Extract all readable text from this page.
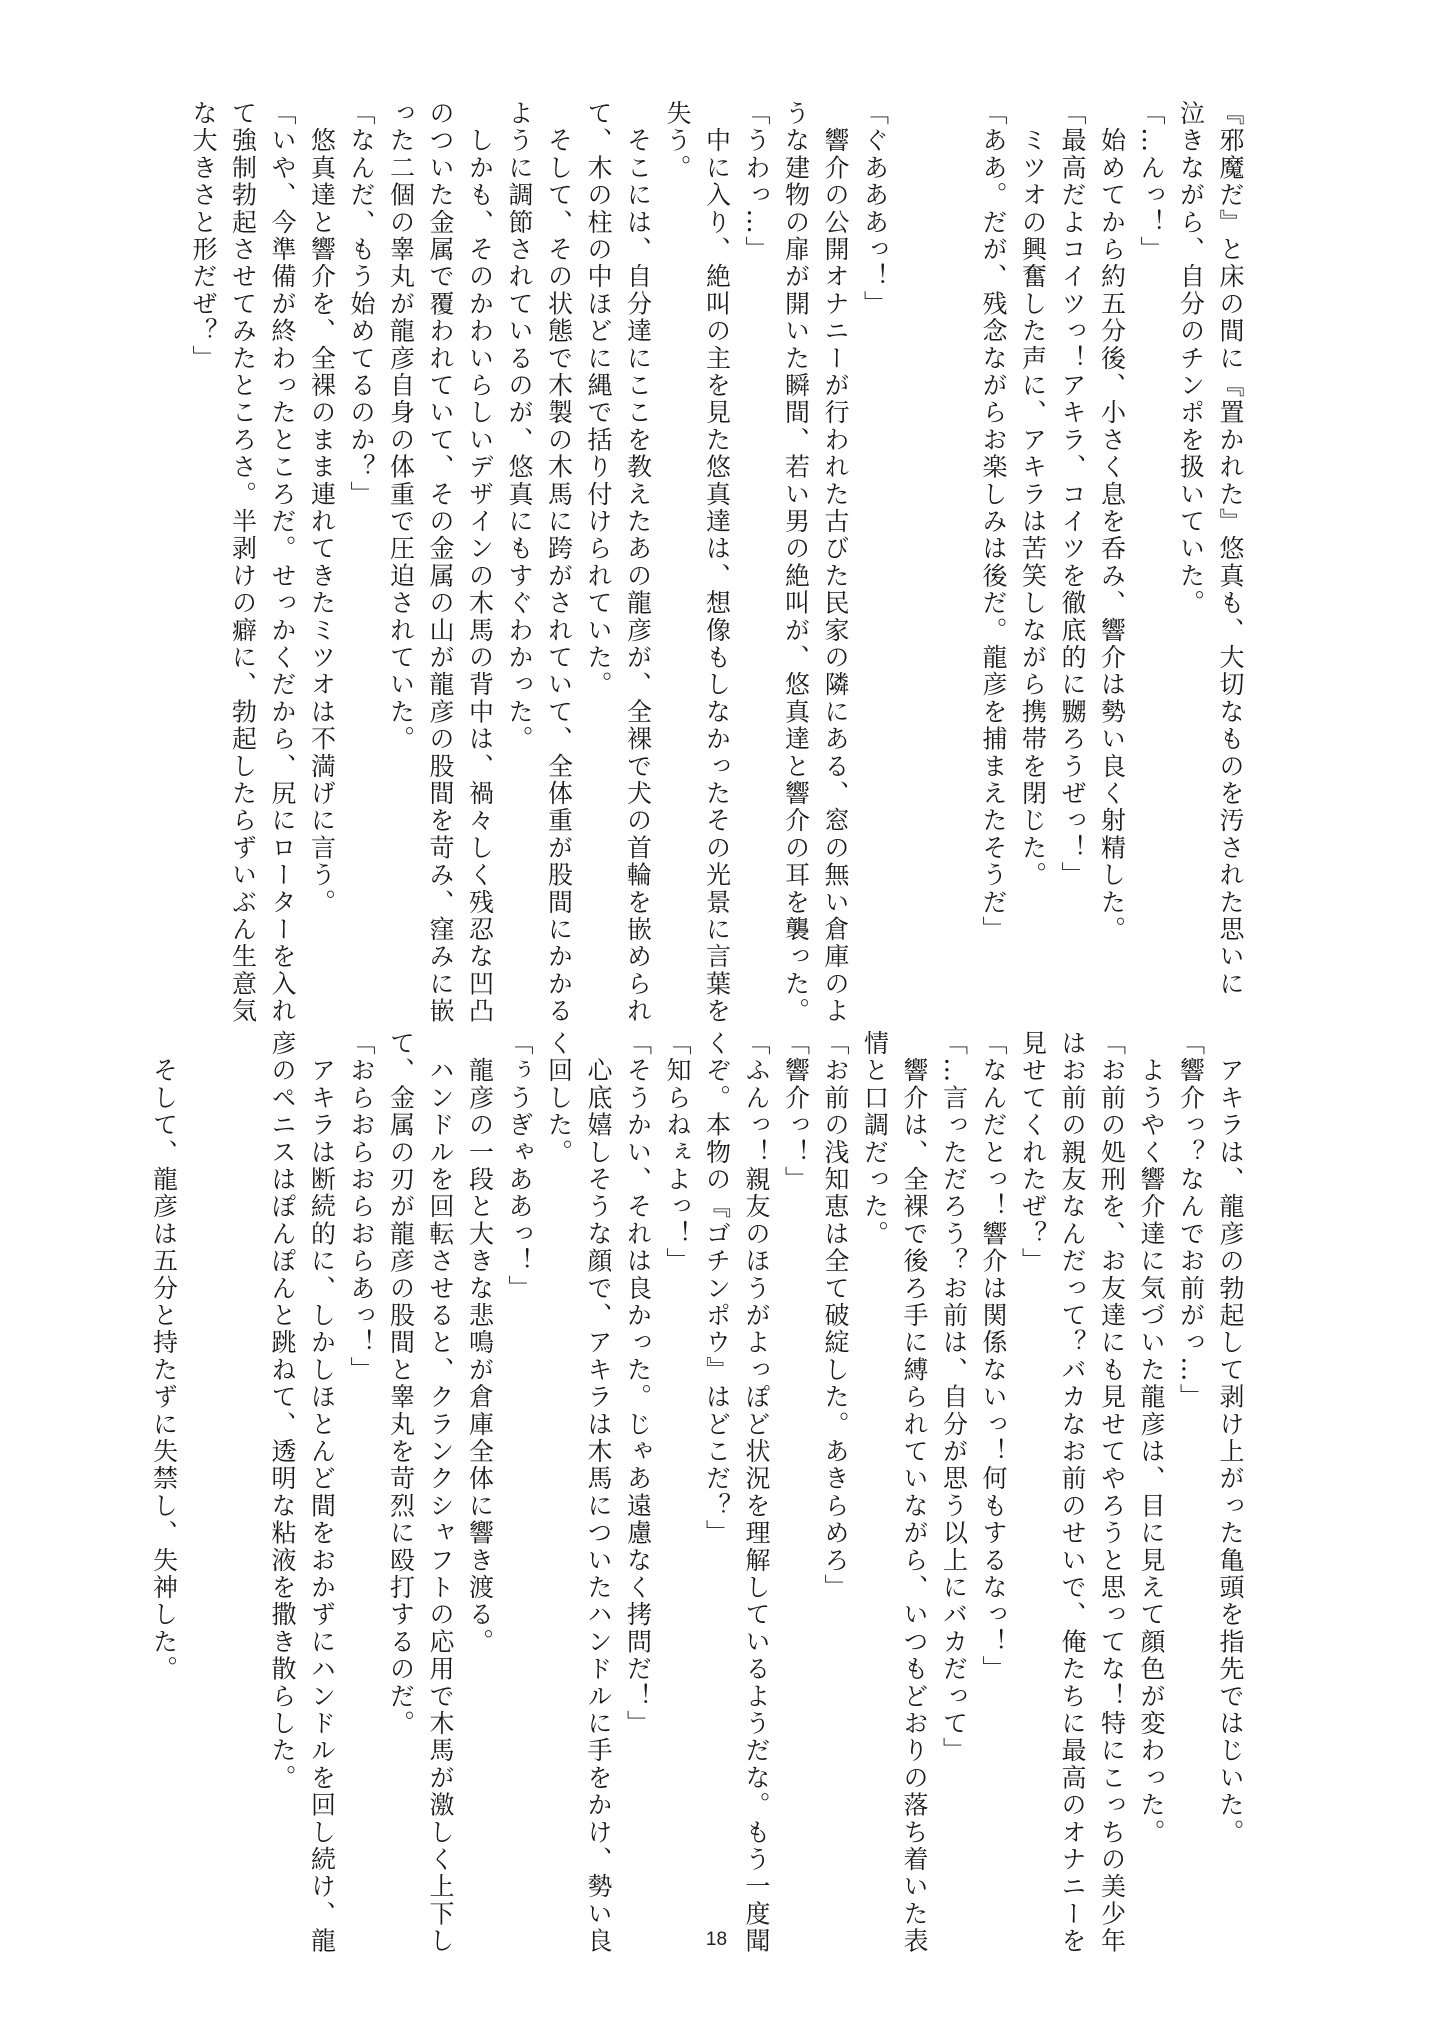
『邪魔だ』と床の間に『置かれた』悠真も、大切なものを汚された思いに
泣きながら、自分のチンポを扱いていた。
「…んっ！」
　始めてから約五分後、小さく息を呑み、響介は勢い良く射精した。
「最高だよコイツっ！アキラ、コイツを徹底的に嬲ろうぜっ！」
　ミツオの興奮した声に、アキラは苦笑しながら携帯を閉じた。
「ああ。だが、残念ながらお楽しみは後だ。龍彦を捕まえたそうだ」

「ぐあああっ！」
　響介の公開オナニーが行われた古びた民家の隣にある、窓の無い倉庫のよ
うな建物の扉が開いた瞬間、若い男の絶叫が、悠真達と響介の耳を襲った。
「うわっ…」
　中に入り、絶叫の主を見た悠真達は、想像もしなかったその光景に言葉を
失う。
　そこには、自分達にここを教えたあの龍彦が、全裸で犬の首輪を嵌められ
て、木の柱の中ほどに縄で括り付けられていた。
　そして、その状態で木製の木馬に跨がされていて、全体重が股間にかかる
ように調節されているのが、悠真にもすぐわかった。
　しかも、そのかわいらしいデザインの木馬の背中は、禍々しく残忍な凹凸
のついた金属で覆われていて、その金属の山が龍彦の股間を苛み、窪みに嵌
った二個の睾丸が龍彦自身の体重で圧迫されていた。
「なんだ、もう始めてるのか？」
　悠真達と響介を、全裸のまま連れてきたミツオは不満げに言う。
「いや、今準備が終わったところだ。せっかくだから、尻にローターを入れ
て強制勃起させてみたところさ。半剥けの癖に、勃起したらずいぶん生意気
な大きさと形だぜ？」
　アキラは、龍彦の勃起して剥け上がった亀頭を指先ではじいた。
「響介っ？なんでお前がっ…」
　ようやく響介達に気づいた龍彦は、目に見えて顔色が変わった。
「お前の処刑を、お友達にも見せてやろうと思ってな！特にこっちの美少年
はお前の親友なんだって？バカなお前のせいで、俺たちに最高のオナニーを
見せてくれたぜ？」
「なんだとっ！響介は関係ないっ！何もするなっ！」
「…言っただろう？お前は、自分が思う以上にバカだって」
　響介は、全裸で後ろ手に縛られていながら、いつもどおりの落ち着いた表
情と口調だった。
「お前の浅知恵は全て破綻した。あきらめろ」
「響介っ！」
「ふんっ！親友のほうがよっぽど状況を理解しているようだな。もう一度聞
くぞ。本物の『ゴチンポウ』はどこだ？」
「知らねぇよっ！」
「そうかい、それは良かった。じゃあ遠慮なく拷問だ！」
　心底嬉しそうな顔で、アキラは木馬についたハンドルに手をかけ、勢い良
く回した。
「ぅうぎゃああっ！」
　龍彦の一段と大きな悲鳴が倉庫全体に響き渡る。
　ハンドルを回転させると、クランクシャフトの応用で木馬が激しく上下し
て、金属の刃が龍彦の股間と睾丸を苛烈に殴打するのだ。
「おらおらおらおらあっ！」
　アキラは断続的に、しかしほとんど間をおかずにハンドルを回し続け、龍
彦のペニスはぽんぽんと跳ねて、透明な粘液を撒き散らした。

　そして、龍彦は五分と持たずに失禁し、失神した。
18
